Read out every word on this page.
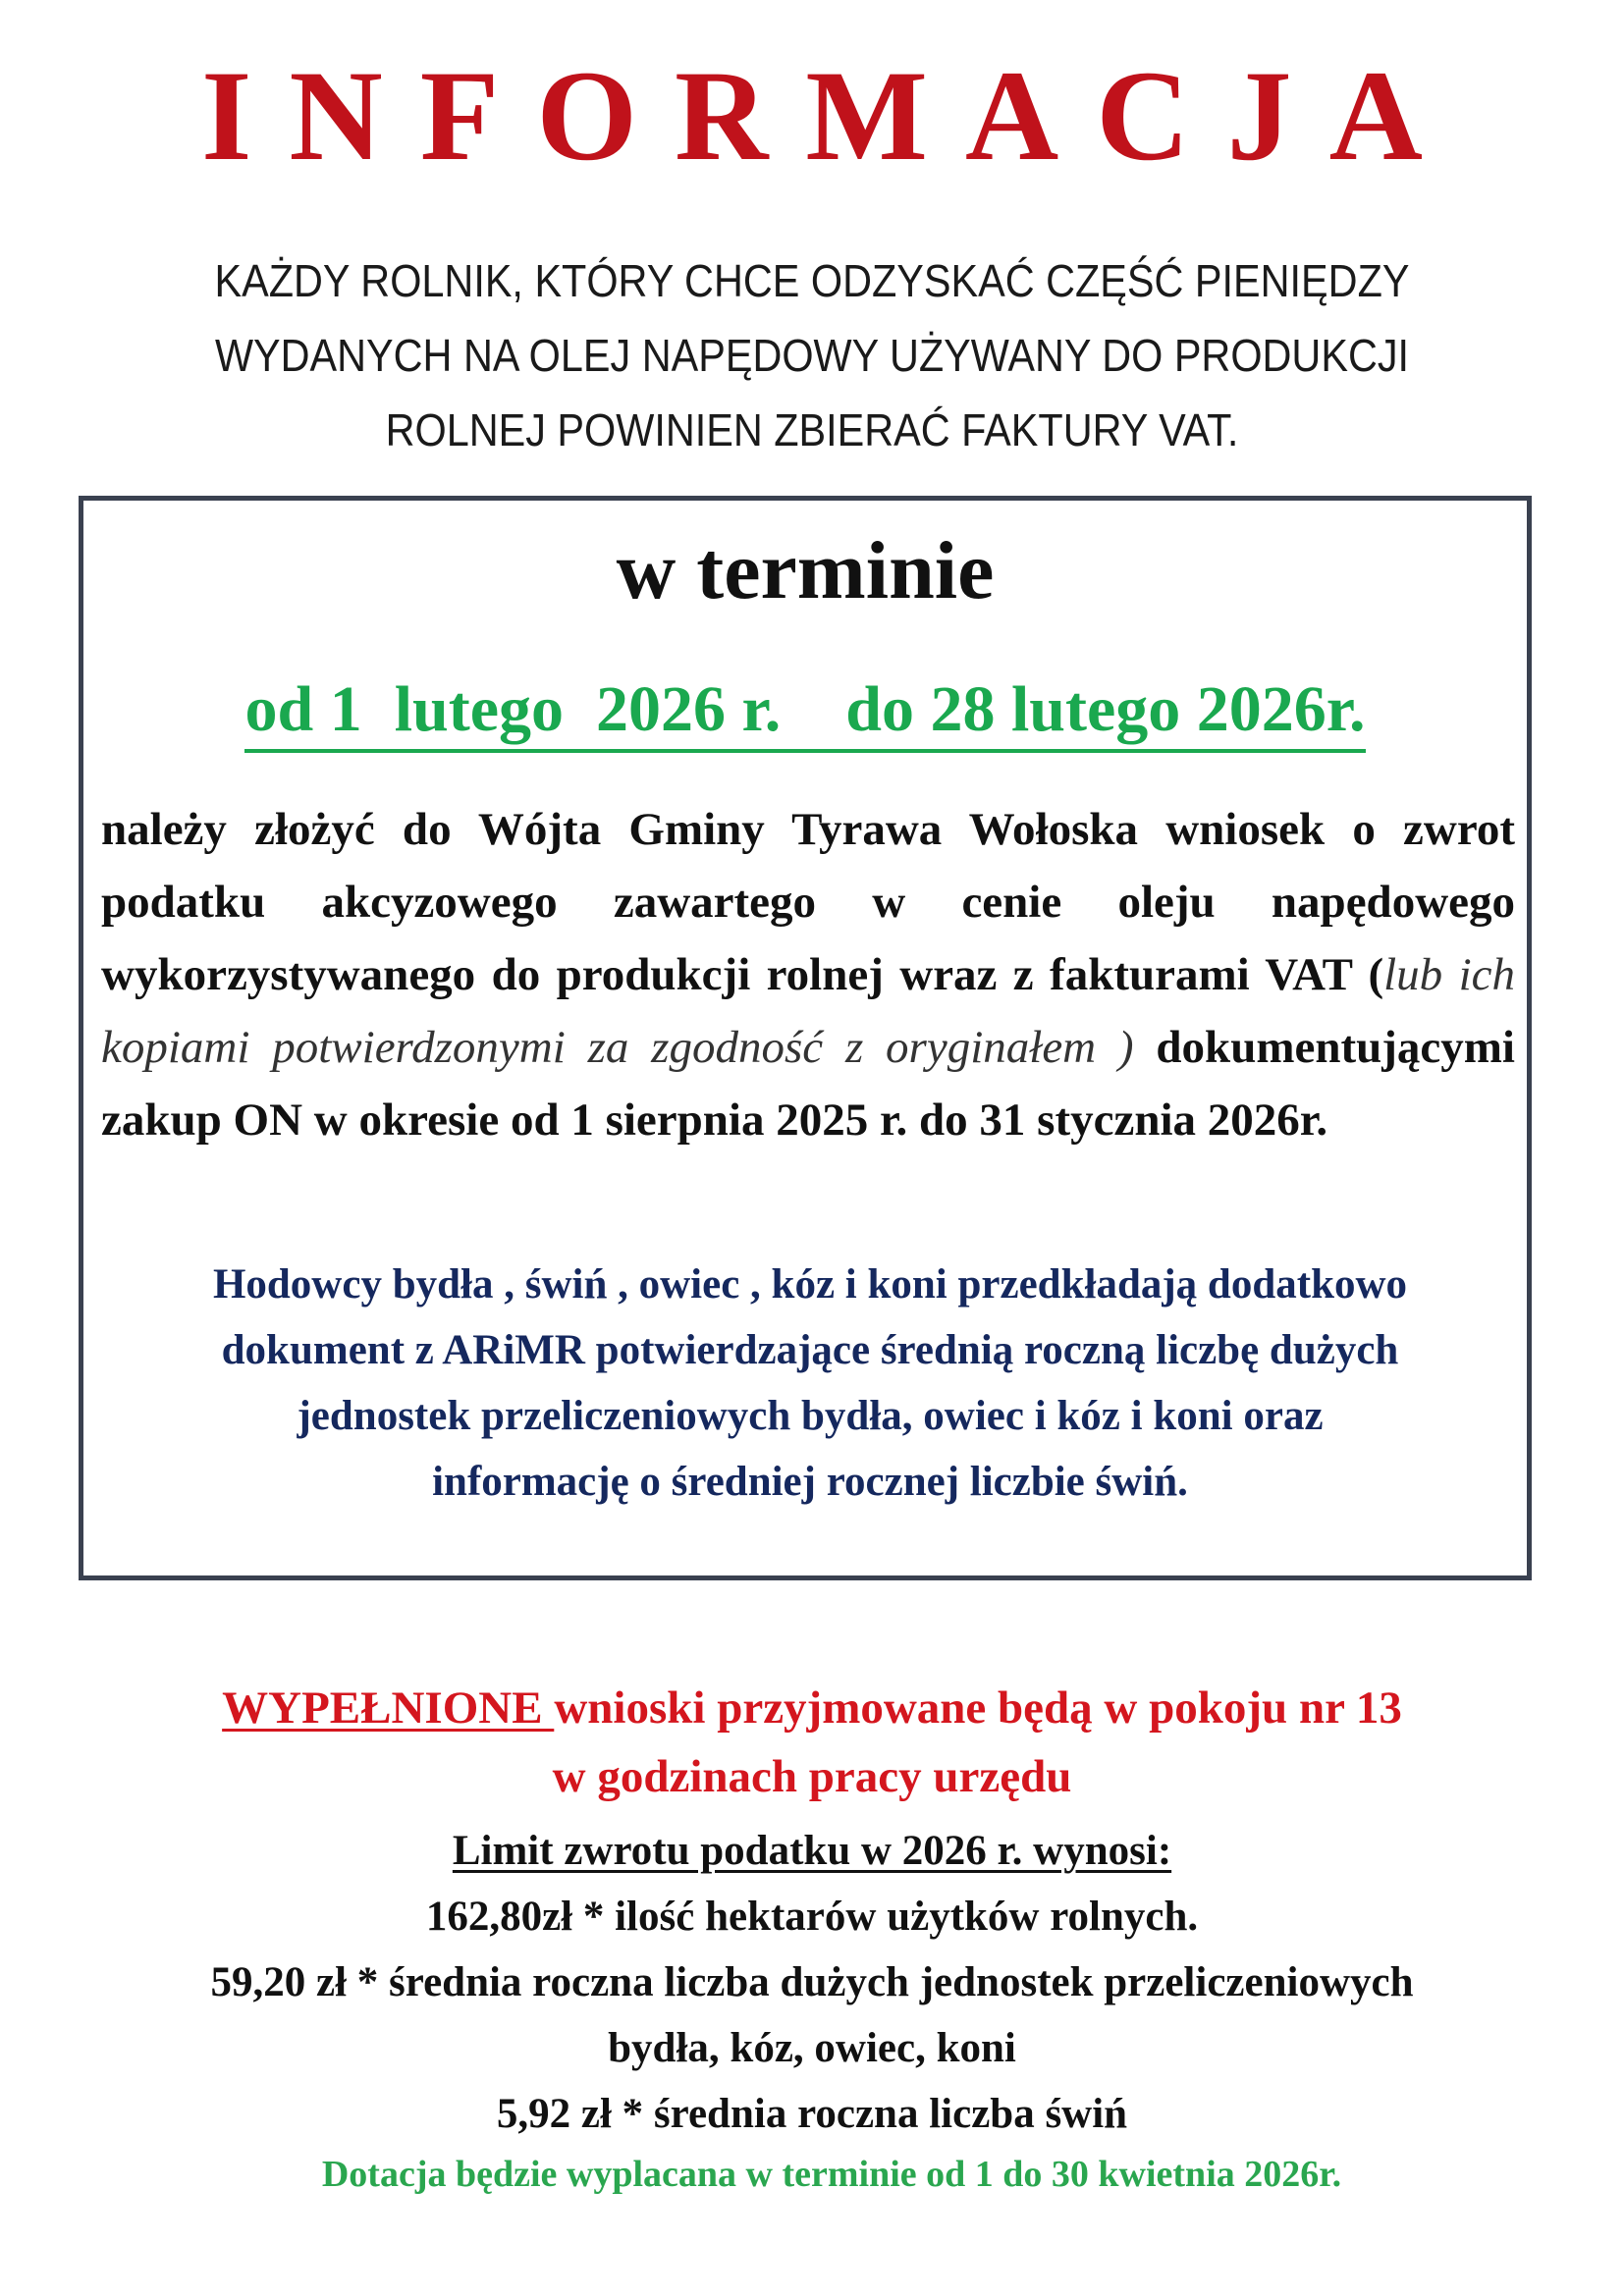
INFORMACJA
KAŻDY ROLNIK, KTÓRY CHCE ODZYSKAĆ CZĘŚĆ PIENIĘDZY
WYDANYCH NA OLEJ NAPĘDOWY UŻYWANY DO PRODUKCJI
ROLNEJ POWINIEN ZBIERAĆ FAKTURY VAT.
w terminie
od 1  lutego  2026 r.    do 28 lutego 2026r.
należy złożyć do Wójta Gminy Tyrawa Wołoska wniosek o zwrot podatku akcyzowego zawartego w cenie oleju napędowego wykorzystywanego do produkcji rolnej wraz z fakturami VAT (lub ich kopiami potwierdzonymi za zgodność z oryginałem ) dokumentującymi zakup ON w okresie od 1 sierpnia 2025 r. do 31 stycznia 2026r.
Hodowcy bydła , świń , owiec , kóz i koni przedkładają dodatkowo
dokument z ARiMR potwierdzające średnią roczną liczbę dużych
jednostek przeliczeniowych bydła, owiec i kóz i koni oraz
informację o średniej rocznej liczbie świń.
WYPEŁNIONE wnioski przyjmowane będą w pokoju nr 13
w godzinach pracy urzędu
Limit zwrotu podatku w 2026 r. wynosi:
162,80zł * ilość hektarów użytków rolnych.
59,20 zł * średnia roczna liczba dużych jednostek przeliczeniowych
bydła, kóz, owiec, koni
5,92 zł * średnia roczna liczba świń
Dotacja będzie wyplacana w terminie od 1 do 30 kwietnia 2026r.
